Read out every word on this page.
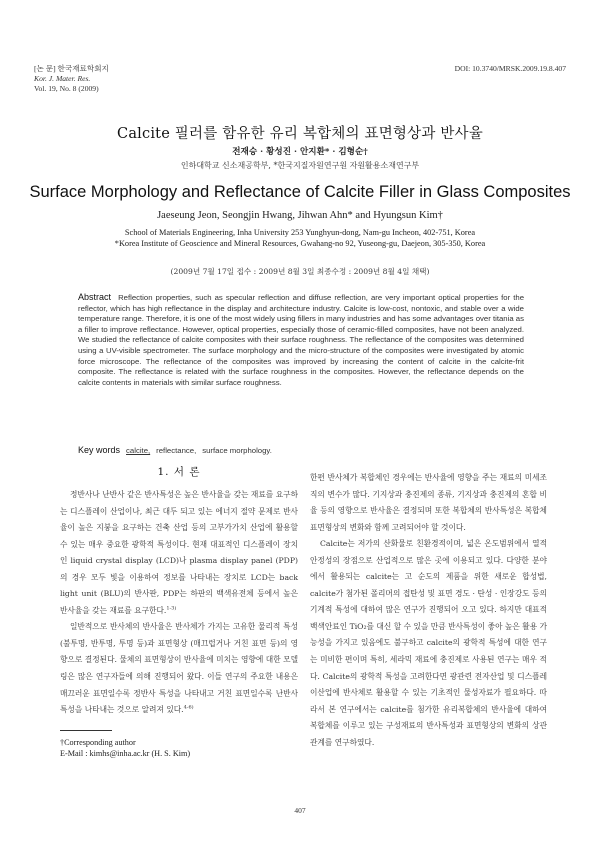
[논 문] 한국재료학회지
Kor. J. Mater. Res.
Vol. 19, No. 8 (2009)
DOI: 10.3740/MRSK.2009.19.8.407
Calcite 필러를 함유한 유리 복합체의 표면형상과 반사율
전재승 · 황성진 · 안지환* · 김형순†
인하대학교 신소재공학부, *한국지질자원연구원 자원활용소재연구부
Surface Morphology and Reflectance of Calcite Filler in Glass Composites
Jaeseung Jeon, Seongjin Hwang, Jihwan Ahn* and Hyungsun Kim†
School of Materials Engineering, Inha University 253 Yunghyun-dong, Nam-gu Incheon, 402-751, Korea
*Korea Institute of Geoscience and Mineral Resources, Gwahang-no 92, Yuseong-gu, Daejeon, 305-350, Korea
(2009년 7월 17일 접수 : 2009년 8월 3일 최종수정 : 2009년 8월 4일 채택)

Abstract Reflection properties, such as specular reflection and diffuse reflection, are very important optical properties for the reflector, which has high reflectance in the display and architecture industry. Calcite is low-cost, nontoxic, and stable over a wide temperature range. Therefore, it is one of the most widely using fillers in many industries and has some advantages over titania as a filler to improve reflectance. However, optical properties, especially those of ceramic-filled composites, have not been analyzed. We studied the reflectance of calcite composites with their surface roughness. The reflectance of the composites was determined using a UV-visible spectrometer. The surface morphology and the micro-structure of the composites were investigated by atomic force microscope. The reflectance of the composites was improved by increasing the content of calcite in the calcite-frit composite. The reflectance is related with the surface roughness in the composites. However, the reflectance depends on the calcite contents in materials with similar surface roughness.

Key words calcite, reflectance, surface morphology.
1. 서 론

정반사나 난반사 같은 반사특성은 높은 반사율을 갖는 재료를 요구하는 디스플레이 산업이나, 최근 대두 되고 있는 에너지 절약 문제로 반사율이 높은 지붕을 요구하는 건축 산업 등의 고부가가치 산업에 활용할 수 있는 매우 중요한 광학적 특성이다. 현재 대표적인 디스플레이 장치인 liquid crystal display (LCD)나 plasma display panel (PDP)의 경우 모두 빛을 이용하여 정보를 나타내는 장치로 LCD는 back light unit (BLU)의 반사판, PDP는 하판의 백색유전체 등에서 높은 반사율을 갖는 재료를 요구한다.$^{1-3)}$

일반적으로 반사체의 반사율은 반사체가 가지는 고유한 물리적 특성 (불투명, 반투명, 투명 등)과 표면형상 (매끄럽거나 거친 표면 등)의 영향으로 결정된다. 물체의 표면형상이 반사율에 미치는 영향에 대한 모델링은 많은 연구자들에 의해 진행되어 왔다. 이들 연구의 주요한 내용은 매끄러운 표면일수록 정반사 특성을 나타내고 거친 표면일수록 난반사 특성을 나타내는 것으로 알려져 있다.$^{4-6)}$

한편 반사체가 복합체인 경우에는 반사율에 영향을 주는 재료의 미세조직의 변수가 많다. 기지상과 충진제의 종류, 기지상과 충진제의 혼합 비율 등의 영향으로 반사율은 결정되며 또한 복합체의 반사특성은 복합체 표면형상의 변화와 함께 고려되어야 할 것이다.

Calcite는 저가의 산화물로 친환경적이며, 넓은 온도범위에서 열적 안정성의 장점으로 산업적으로 많은 곳에 이용되고 있다. 다양한 분야에서 활용되는 calcite는 고 순도의 제품을 위한 새로운 합성법, calcite가 첨가된 폴리머의 접탄성 및 표면 경도 · 탄성 · 인장강도 등의 기계적 특성에 대하여 많은 연구가 진행되어 오고 있다. 하지만 대표적 백색안료인 TiO₂를 대신 할 수 있을 만큼 반사특성이 좋아 높은 활용 가능성을 가지고 있음에도 불구하고 calcite의 광학적 특성에 대한 연구는 미비한 편이며 특히, 세라믹 재료에 충진제로 사용된 연구는 매우 적다. Calcite의 광학적 특성을 고려한다면 광관련 전자산업 및 디스플레이산업에 반사체로 활용할 수 있는 기초적인 물성자료가 필요하다. 따라서 본 연구에서는 calcite를 첨가한 유리복합체의 반사율에 대하여 복합체를 이루고 있는 구성재료의 반사특성과 표면형상의 변화의 상관관계를 연구하였다.

†Corresponding author
E-Mail : kimhs@inha.ac.kr (H. S. Kim)
407
